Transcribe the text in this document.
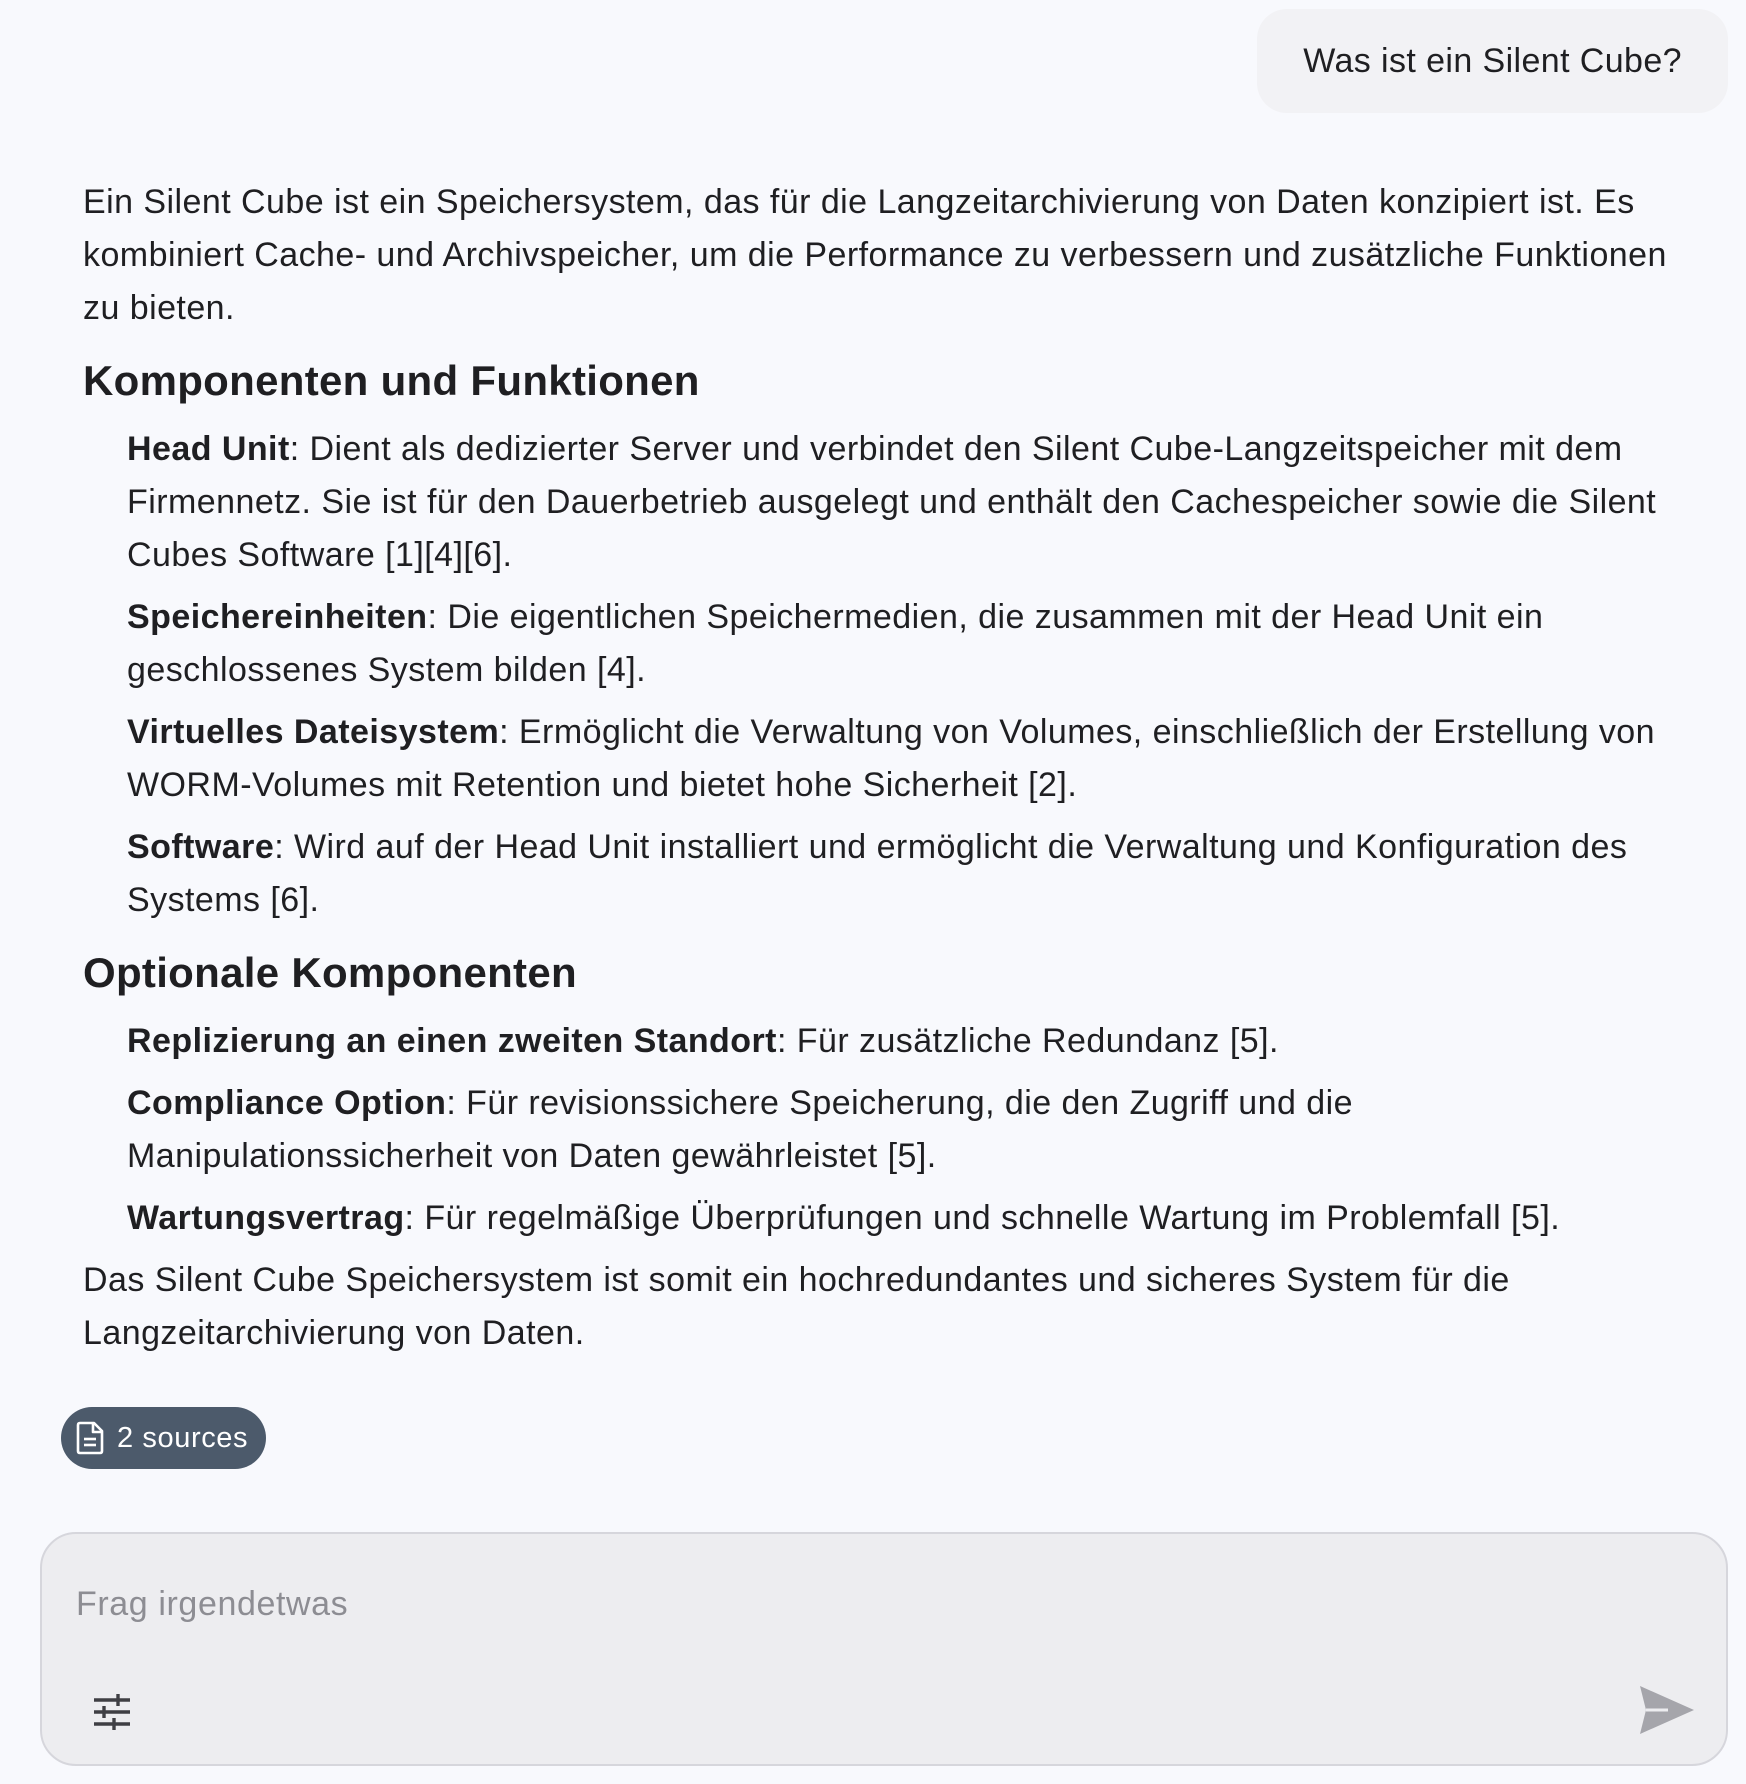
Was ist ein Silent Cube?

Ein Silent Cube ist ein Speichersystem, das für die Langzeitarchivierung von Daten konzipiert ist. Es kombiniert Cache- und Archivspeicher, um die Performance zu verbessern und zusätzliche Funktionen zu bieten.

Komponenten und Funktionen
Head Unit: Dient als dedizierter Server und verbindet den Silent Cube-Langzeitspeicher mit dem Firmennetz. Sie ist für den Dauerbetrieb ausgelegt und enthält den Cachespeicher sowie die Silent Cubes Software [1][4][6].
Speichereinheiten: Die eigentlichen Speichermedien, die zusammen mit der Head Unit ein geschlossenes System bilden [4].
Virtuelles Dateisystem: Ermöglicht die Verwaltung von Volumes, einschließlich der Erstellung von WORM-Volumes mit Retention und bietet hohe Sicherheit [2].
Software: Wird auf der Head Unit installiert und ermöglicht die Verwaltung und Konfiguration des Systems [6].
Optionale Komponenten
Replizierung an einen zweiten Standort: Für zusätzliche Redundanz [5].
Compliance Option: Für revisionssichere Speicherung, die den Zugriff und die Manipulationssicherheit von Daten gewährleistet [5].
Wartungsvertrag: Für regelmäßige Überprüfungen und schnelle Wartung im Problemfall [5].

Das Silent Cube Speichersystem ist somit ein hochredundantes und sicheres System für die Langzeitarchivierung von Daten.

2 sources
Frag irgendetwas
